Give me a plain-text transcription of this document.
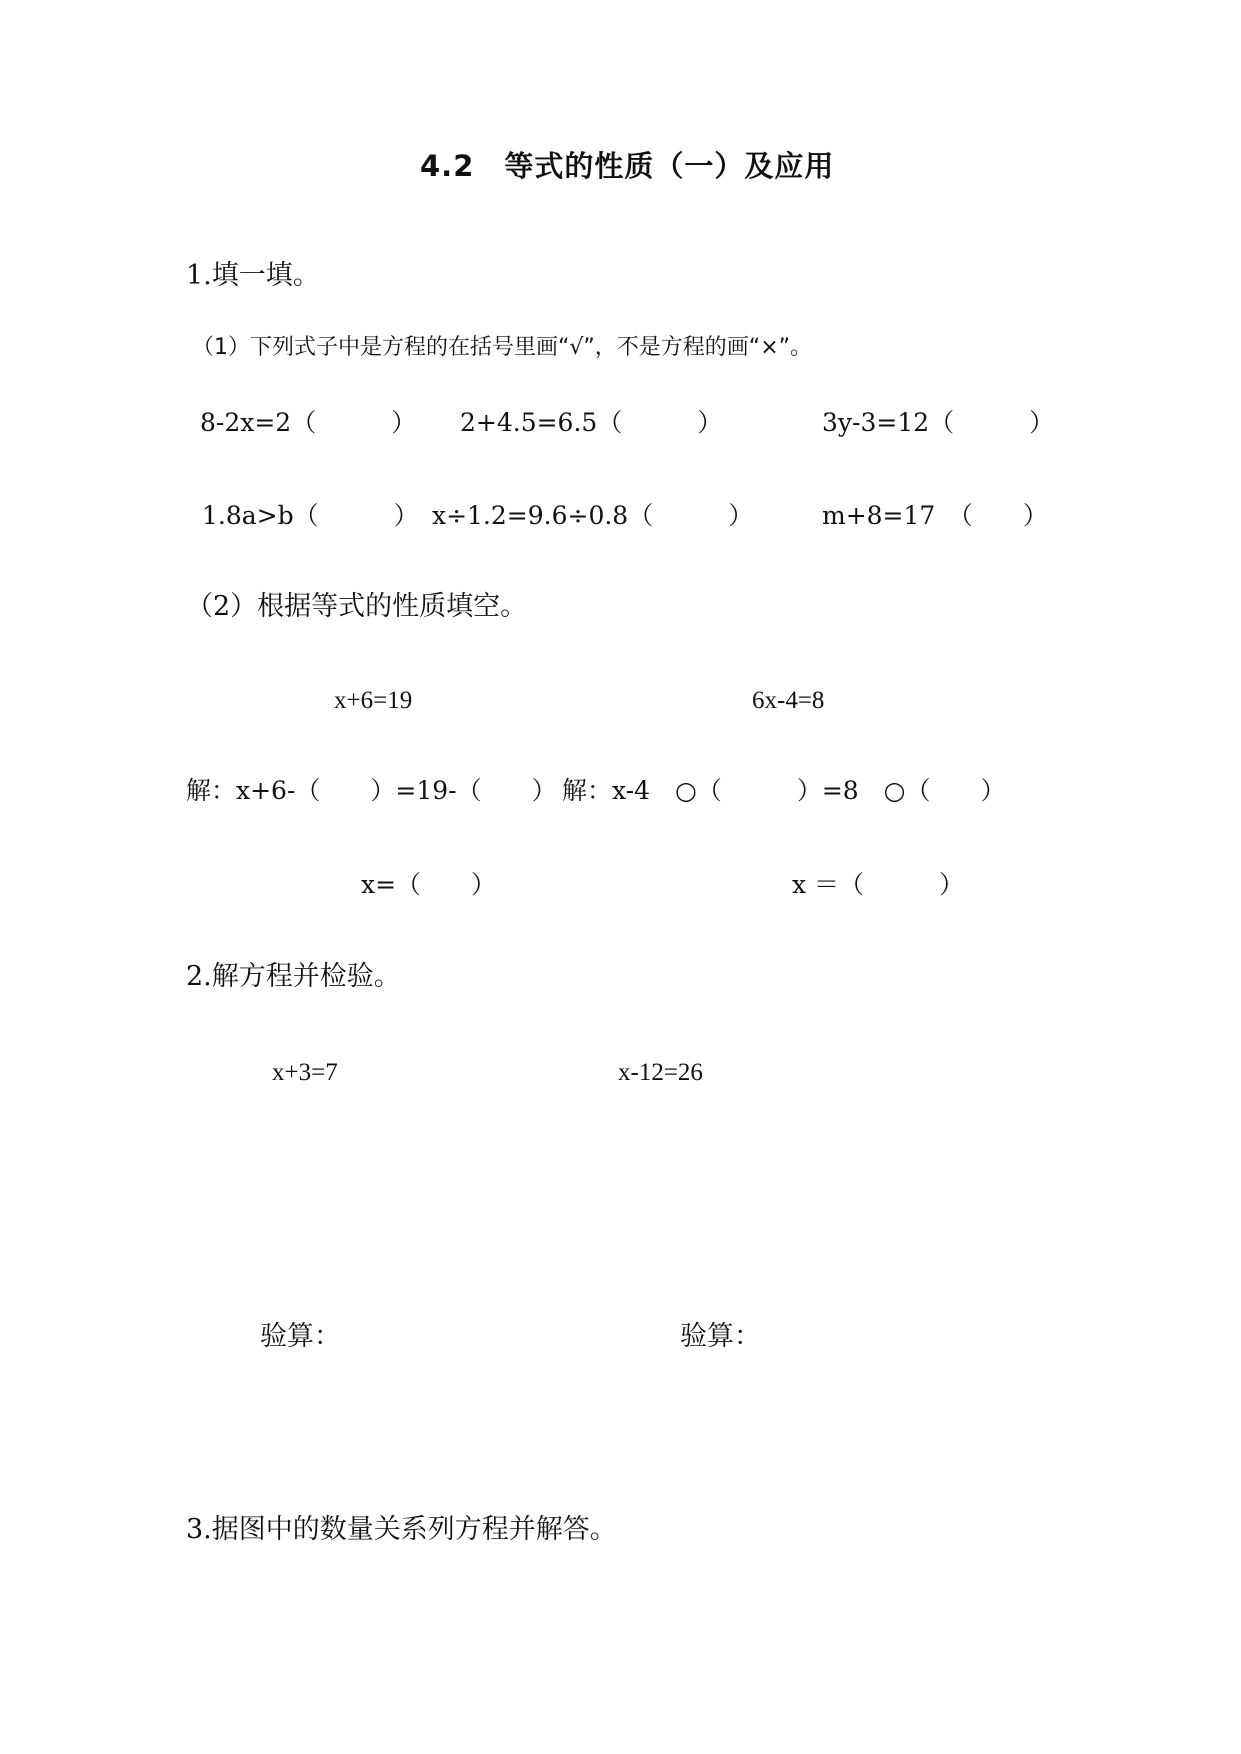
4.2　等式的性质（一）及应用
1.填一填。
（1）下列式子中是方程的在括号里画“√”，不是方程的画“×”。
8-2x=2（　　　） 2+4.5=6.5（　　　）	3y-3=12（　　　）
1.8a>b（　　　） x÷1.2=9.6÷0.8（　　　）	m+8=17　（　　）
（2）根据等式的性质填空。
x+6=19	6x-4=8
解：x+6-（　　）=19-（　　） 解：x-4　○（　　　）=8　○（　　）
x=（　　）	x ＝（　　　）
2.解方程并检验。
x+3=7	x-12=26
验算：	验算：
3.据图中的数量关系列方程并解答。
